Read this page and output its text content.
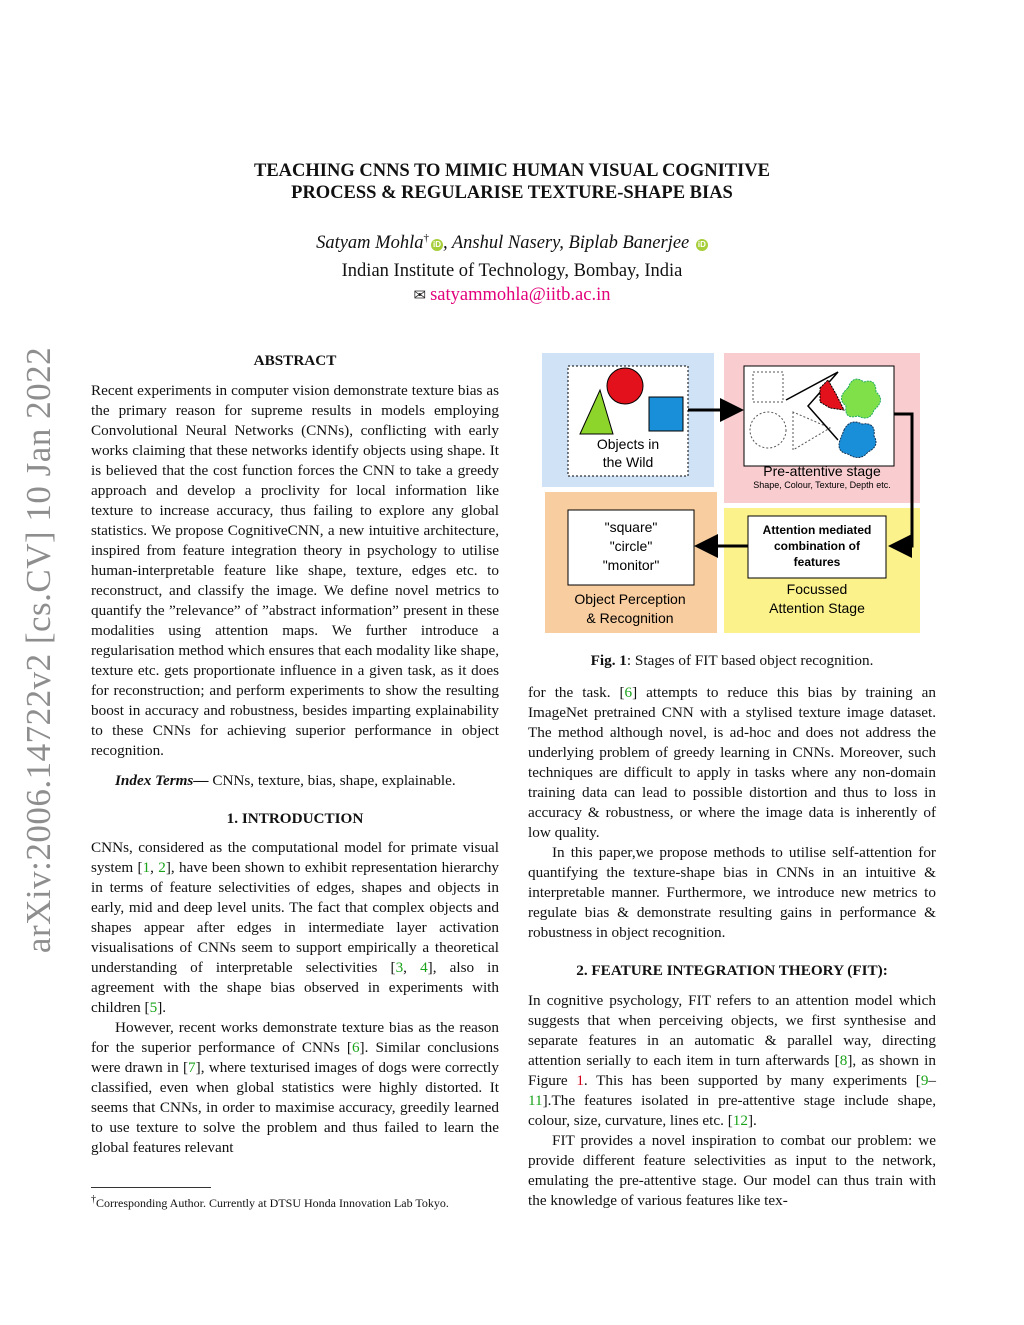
arXiv:2006.14722v2 [cs.CV] 10 Jan 2022
TEACHING CNNS TO MIMIC HUMAN VISUAL COGNITIVE
PROCESS & REGULARISE TEXTURE-SHAPE BIAS
Satyam Mohla†iD , Anshul Nasery, Biplab Banerjee iD
Indian Institute of Technology, Bombay, India
✉ satyammohla@iitb.ac.in
ABSTRACT

Recent experiments in computer vision demonstrate texture bias as the primary reason for supreme results in models employing Convolutional Neural Networks (CNNs), conflicting with early works claiming that these networks identify objects using shape. It is believed that the cost function forces the CNN to take a greedy approach and develop a proclivity for local information like texture to increase accuracy, thus failing to explore any global statistics. We propose CognitiveCNN, a new intuitive architecture, inspired from feature integration theory in psychology to utilise human-interpretable feature like shape, texture, edges etc. to reconstruct, and classify the image. We define novel metrics to quantify the ”relevance” of ”abstract information” present in these modalities using attention maps. We further introduce a regularisation method which ensures that each modality like shape, texture etc. gets proportionate influence in a given task, as it does for reconstruction; and perform experiments to show the resulting boost in accuracy and robustness, besides imparting explainability to these CNNs for achieving superior performance in object recognition.

Index Terms— CNNs, texture, bias, shape, explainable.

1. INTRODUCTION

CNNs, considered as the computational model for primate visual system [1, 2], have been shown to exhibit representation hierarchy in terms of feature selectivities of edges, shapes and objects in early, mid and deep level units. The fact that complex objects and shapes appear after edges in intermediate layer activation visualisations of CNNs seem to support empirically a theoretical understanding of interpretable selectivities [3, 4], also in agreement with the shape bias observed in experiments with children [5].

However, recent works demonstrate texture bias as the reason for the superior performance of CNNs [6]. Similar conclusions were drawn in [7], where texturised images of dogs were correctly classified, even when global statistics were highly distorted. It seems that CNNs, in order to maximise accuracy, greedily learned to use texture to solve the problem and thus failed to learn the global features relevant

†Corresponding Author. Currently at DTSU Honda Innovation Lab Tokyo.
Objects in
the Wild
Pre-attentive stage
Shape, Colour, Texture, Depth etc.
Attention mediated
combination of
features
Focussed
Attention Stage
"square"
"circle"
"monitor"
Object Perception
& Recognition
Fig. 1: Stages of FIT based object recognition.

for the task. [6] attempts to reduce this bias by training an ImageNet pretrained CNN with a stylised texture image dataset. The method although novel, is ad-hoc and does not address the underlying problem of greedy learning in CNNs. Moreover, such techniques are difficult to apply in tasks where any non-domain training data can lead to possible distortion and thus to loss in accuracy & robustness, or where the image data is inherently of low quality.

In this paper,we propose methods to utilise self-attention for quantifying the texture-shape bias in CNNs in an intuitive & interpretable manner. Furthermore, we introduce new metrics to regulate bias & demonstrate resulting gains in performance & robustness in object recognition.

2. FEATURE INTEGRATION THEORY (FIT):

In cognitive psychology, FIT refers to an attention model which suggests that when perceiving objects, we first synthesise and separate features in an automatic & parallel way, directing attention serially to each item in turn afterwards [8], as shown in Figure 1. This has been supported by many experiments [9–11].The features isolated in pre-attentive stage include shape, colour, size, curvature, lines etc. [12].

FIT provides a novel inspiration to combat our problem: we provide different feature selectivities as input to the network, emulating the pre-attentive stage. Our model can thus train with the knowledge of various features like tex-
